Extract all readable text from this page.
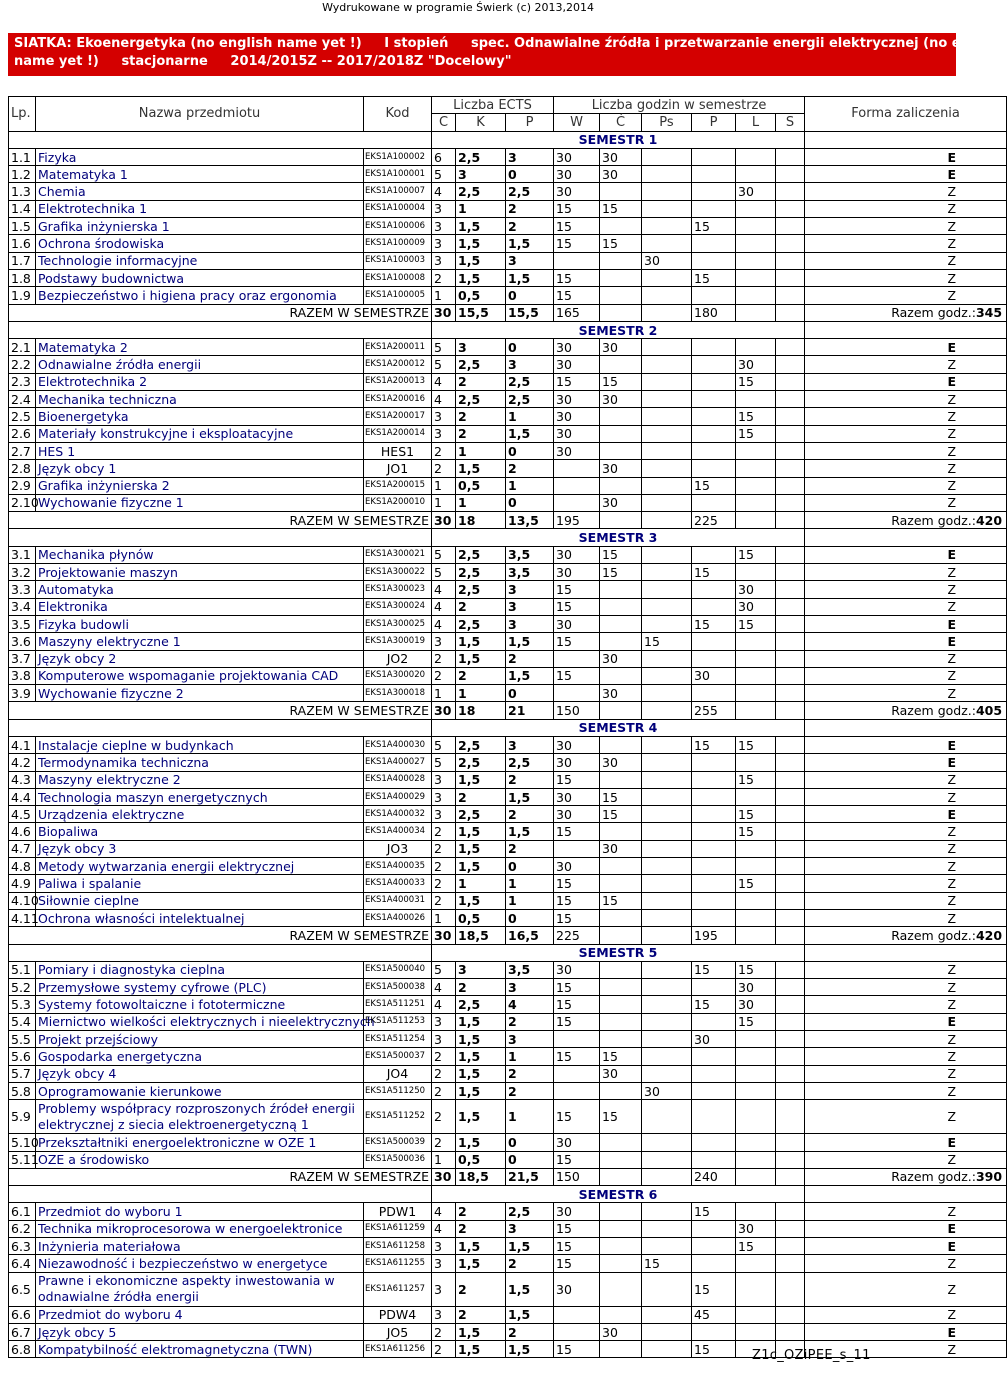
Wydrukowane w programie Świerk (c) 2013,2014
SIATKA: Ekoenergetyka (no english name yet !)     I stopień     spec. Odnawialne źródła i przetwarzanie energii elektrycznej (no english
name yet !)     stacjonarne     2014/2015Z -- 2017/2018Z "Docelowy"
Lp.	Nazwa przedmiotu	Kod	Liczba ECTS			Liczba godzin w semestrze						Forma zaliczenia
			C	K	P	W	Ć	Ps	P	L	S	
			SEMESTR 1									
1.1	Fizyka	EKS1A100002	6	2,5	3	30	30					E
1.2	Matematyka 1	EKS1A100001	5	3	0	30	30					E
1.3	Chemia	EKS1A100007	4	2,5	2,5	30				30		Z
1.4	Elektrotechnika 1	EKS1A100004	3	1	2	15	15					Z
1.5	Grafika inżynierska 1	EKS1A100006	3	1,5	2	15			15			Z
1.6	Ochrona środowiska	EKS1A100009	3	1,5	1,5	15	15					Z
1.7	Technologie informacyjne	EKS1A100003	3	1,5	3			30				Z
1.8	Podstawy budownictwa	EKS1A100008	2	1,5	1,5	15			15			Z
1.9	Bezpieczeństwo i higiena pracy oraz ergonomia	EKS1A100005	1	0,5	0	15						Z
RAZEM W SEMESTRZE			30	15,5	15,5	165			180			Razem godz.:345
			SEMESTR 2									
2.1	Matematyka 2	EKS1A200011	5	3	0	30	30					E
2.2	Odnawialne źródła energii	EKS1A200012	5	2,5	3	30				30		Z
2.3	Elektrotechnika 2	EKS1A200013	4	2	2,5	15	15			15		E
2.4	Mechanika techniczna	EKS1A200016	4	2,5	2,5	30	30					Z
2.5	Bioenergetyka	EKS1A200017	3	2	1	30				15		Z
2.6	Materiały konstrukcyjne i eksploatacyjne	EKS1A200014	3	2	1,5	30				15		Z
2.7	HES 1	HES1	2	1	0	30						Z
2.8	Język obcy 1	JO1	2	1,5	2		30					Z
2.9	Grafika inżynierska 2	EKS1A200015	1	0,5	1				15			Z
2.10	Wychowanie fizyczne 1	EKS1A200010	1	1	0		30					Z
RAZEM W SEMESTRZE			30	18	13,5	195			225			Razem godz.:420
			SEMESTR 3									
3.1	Mechanika płynów	EKS1A300021	5	2,5	3,5	30	15			15		E
3.2	Projektowanie maszyn	EKS1A300022	5	2,5	3,5	30	15		15			Z
3.3	Automatyka	EKS1A300023	4	2,5	3	15				30		Z
3.4	Elektronika	EKS1A300024	4	2	3	15				30		Z
3.5	Fizyka budowli	EKS1A300025	4	2,5	3	30			15	15		E
3.6	Maszyny elektryczne 1	EKS1A300019	3	1,5	1,5	15		15				E
3.7	Język obcy 2	JO2	2	1,5	2		30					Z
3.8	Komputerowe wspomaganie projektowania CAD	EKS1A300020	2	2	1,5	15			30			Z
3.9	Wychowanie fizyczne 2	EKS1A300018	1	1	0		30					Z
RAZEM W SEMESTRZE			30	18	21	150			255			Razem godz.:405
			SEMESTR 4									
4.1	Instalacje cieplne w budynkach	EKS1A400030	5	2,5	3	30			15	15		E
4.2	Termodynamika techniczna	EKS1A400027	5	2,5	2,5	30	30					E
4.3	Maszyny elektryczne 2	EKS1A400028	3	1,5	2	15				15		Z
4.4	Technologia maszyn energetycznych	EKS1A400029	3	2	1,5	30	15					Z
4.5	Urządzenia elektryczne	EKS1A400032	3	2,5	2	30	15			15		E
4.6	Biopaliwa	EKS1A400034	2	1,5	1,5	15				15		Z
4.7	Język obcy 3	JO3	2	1,5	2		30					Z
4.8	Metody wytwarzania energii elektrycznej	EKS1A400035	2	1,5	0	30						Z
4.9	Paliwa i spalanie	EKS1A400033	2	1	1	15				15		Z
4.10	Siłownie cieplne	EKS1A400031	2	1,5	1	15	15					Z
4.11	Ochrona własności intelektualnej	EKS1A400026	1	0,5	0	15						Z
RAZEM W SEMESTRZE			30	18,5	16,5	225			195			Razem godz.:420
			SEMESTR 5									
5.1	Pomiary i diagnostyka cieplna	EKS1A500040	5	3	3,5	30			15	15		Z
5.2	Przemysłowe systemy cyfrowe (PLC)	EKS1A500038	4	2	3	15				30		Z
5.3	Systemy fotowoltaiczne i fototermiczne	EKS1A511251	4	2,5	4	15			15	30		Z
5.4	Miernictwo wielkości elektrycznych i nieelektrycznych	EKS1A511253	3	1,5	2	15				15		E
5.5	Projekt przejściowy	EKS1A511254	3	1,5	3				30			Z
5.6	Gospodarka energetyczna	EKS1A500037	2	1,5	1	15	15					Z
5.7	Język obcy 4	JO4	2	1,5	2		30					Z
5.8	Oprogramowanie kierunkowe	EKS1A511250	2	1,5	2			30				Z
5.9	Problemy współpracy rozproszonych źródeł energii elektrycznej z siecia elektroenergetyczną 1	EKS1A511252	2	1,5	1	15	15					Z
5.10	Przekształtniki energoelektroniczne w OZE 1	EKS1A500039	2	1,5	0	30						E
5.11	OZE a środowisko	EKS1A500036	1	0,5	0	15						Z
RAZEM W SEMESTRZE			30	18,5	21,5	150			240			Razem godz.:390
			SEMESTR 6									
6.1	Przedmiot do wyboru 1	PDW1	4	2	2,5	30			15			Z
6.2	Technika mikroprocesorowa w energoelektronice	EKS1A611259	4	2	3	15				30		E
6.3	Inżynieria materiałowa	EKS1A611258	3	1,5	1,5	15				15		E
6.4	Niezawodność i bezpieczeństwo w energetyce	EKS1A611255	3	1,5	2	15		15				Z
6.5	Prawne i ekonomiczne aspekty inwestowania w odnawialne źródła energii	EKS1A611257	3	2	1,5	30			15			Z
6.6	Przedmiot do wyboru 4	PDW4	3	2	1,5				45			Z
6.7	Język obcy 5	JO5	2	1,5	2		30					E
6.8	Kompatybilność elektromagnetyczna (TWN)	EKS1A611256	2	1,5	1,5	15			15			Z
Z1c_OZiPEE_s_11
